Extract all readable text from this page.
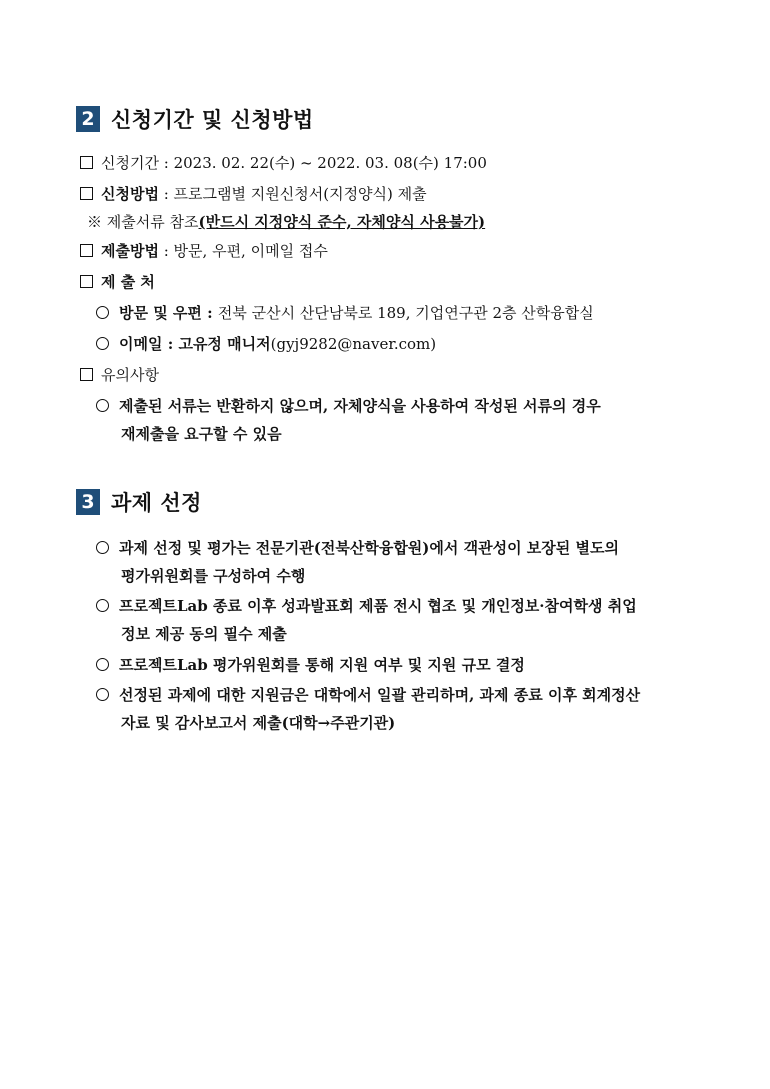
2 신청기간 및 신청방법
신청기간 : 2023. 02. 22(수) ~ 2022. 03. 08(수) 17:00
신청방법 : 프로그램별 지원신청서(지정양식) 제출
※ 제출서류 참조(반드시 지정양식 준수, 자체양식 사용불가)
제출방법 : 방문, 우편, 이메일 접수
제 출 처
방문 및 우편 : 전북 군산시 산단남북로 189, 기업연구관 2층 산학융합실
이메일 : 고유정 매니저(gyj9282@naver.com)
유의사항
제출된 서류는 반환하지 않으며, 자체양식을 사용하여 작성된 서류의 경우
재제출을 요구할 수 있음
3 과제 선정
과제 선정 및 평가는 전문기관(전북산학융합원)에서 객관성이 보장된 별도의
평가위원회를 구성하여 수행
프로젝트Lab 종료 이후 성과발표회 제품 전시 협조 및 개인정보·참여학생 취업
정보 제공 동의 필수 제출
프로젝트Lab 평가위원회를 통해 지원 여부 및 지원 규모 결정
선정된 과제에 대한 지원금은 대학에서 일괄 관리하며, 과제 종료 이후 회계정산
자료 및 감사보고서 제출(대학→주관기관)
